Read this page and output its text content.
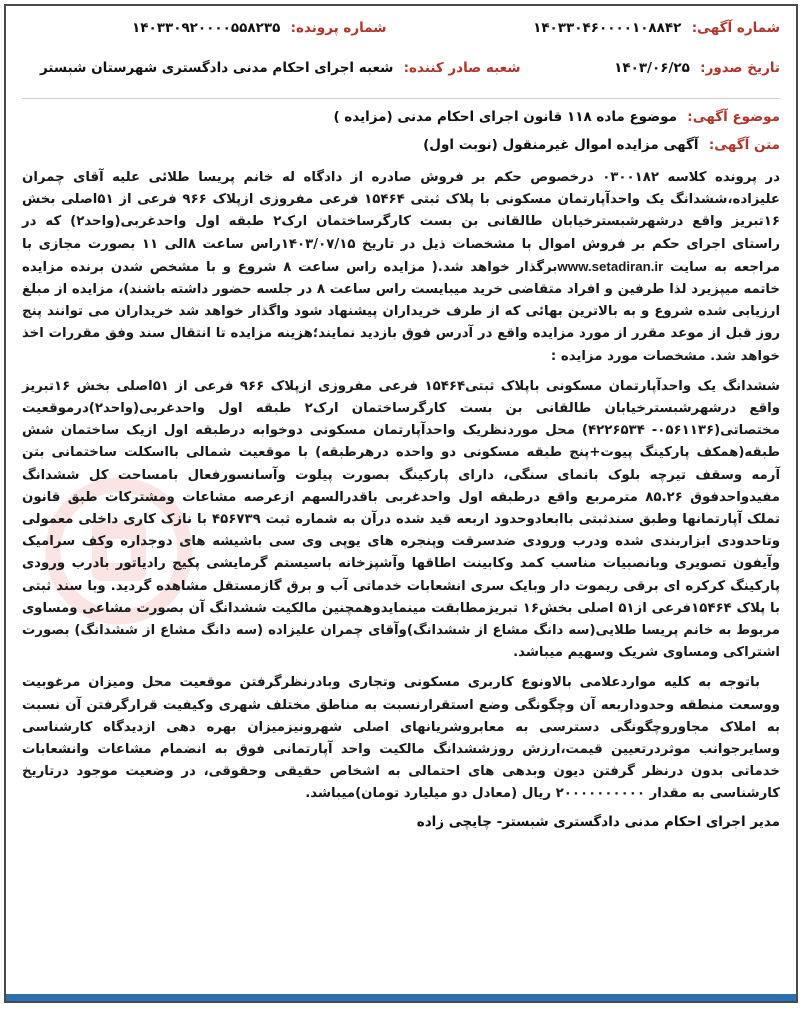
شماره آگهی: ۱۴۰۳۳۰۴۶۰۰۰۰۱۰۸۸۴۲
شماره پرونده: ۱۴۰۳۳۰۹۲۰۰۰۰۵۵۸۲۳۵
تاریخ صدور: ۱۴۰۳/۰۶/۲۵
شعبه صادر کننده: شعبه اجرای احکام مدنی دادگستری شهرستان شبستر
موضوع آگهی: موضوع ماده ۱۱۸ قانون اجرای احکام مدنی (مزایده )
متن آگهی: آگهی مزایده اموال غیرمنقول (نوبت اول)

در پرونده کلاسه ۰۳۰۰۱۸۲ درخصوص حکم بر فروش صادره از دادگاه له خانم پریسا طلائی علیه آقای چمران علیزاده،ششدانگ یک واحدآپارتمان مسکونی با پلاک ثبتی ۱۵۴۶۴ فرعی مفروزی ازپلاک ۹۶۶ فرعی از ۵۱اصلی بخش ۱۶تبریز واقع درشهرشبسترخیابان طالقانی بن بست کارگرساختمان ارک۲ طبقه اول واحدغربی(واحد۲) که در راستای اجرای حکم بر فروش اموال با مشخصات ذیل در تاریخ ۱۴۰۳/۰۷/۱۵راس ساعت ۸الی ۱۱ بصورت مجازی با مراجعه به سایت www.setadiran.irبرگذار خواهد شد.( مزایده راس ساعت ۸ شروع و با مشخص شدن برنده مزایده خاتمه میپزیرد لذا طرفین و افراد متقاضی خرید میبایست راس ساعت ۸ در جلسه حضور داشته باشند)، مزایده از مبلغ ارزیابی شده شروع و به بالاترین بهائی که از طرف خریداران پیشنهاد شود واگذار خواهد شد خریداران می توانند پنج روز قبل از موعد مقرر از مورد مزایده واقع در آدرس فوق بازدید نمایند؛هزینه مزایده تا انتقال سند وفق مقررات اخذ خواهد شد. مشخصات مورد مزایده :

ششدانگ یک واحدآپارتمان مسکونی باپلاک ثبتی۱۵۴۶۴ فرعی مفروزی ازپلاک ۹۶۶ فرعی از ۵۱اصلی بخش ۱۶تبریز واقع درشهرشبسترخیابان طالقانی بن بست کارگرساختمان ارک۲ طبقه اول واحدغربی(واحد۲)درموقعیت مختصاتی(۰۵۶۱۱۳۶- ۴۲۲۶۵۳۴) محل موردنظریک واحدآپارتمان مسکونی دوخوابه درطبقه اول ازیک ساختمان شش طبقه(همکف پارکینگ پیوت+پنج طبقه مسکونی دو واحده درهرطبقه) با موقعیت شمالی بااسکلت ساختمانی بتن آرمه وسقف تیرچه بلوک بانمای سنگی، دارای پارکینگ بصورت پیلوت وآسانسورفعال بامساحت کل ششدانگ مفیدواحدفوق ۸۵.۲۶ مترمربع واقع درطبقه اول واحدغربی باقدرالسهم ازعرصه مشاعات ومشترکات طبق قانون تملک آپارتمانها وطبق سندثبتی باابعادوحدود اربعه قید شده درآن به شماره ثبت ۴۵۶۷۳۹ با نازک کاری داخلی معمولی وتاحدودی ابزاربندی شده ودرب ورودی ضدسرقت وپنجره های یوپی وی سی باشیشه های دوجداره وکف سرامیک وآیفون تصویری وبانصبیات مناسب کمد وکابینت اطاقها وآشپزخانه باسیستم گرمایشی پکیج رادیاتور بادرب ورودی پارکینگ کرکره ای برقی ریموت دار وبایک سری انشعابات خدماتی آب و برق گازمستقل مشاهده گردید. وبا سند ثبتی با پلاک ۱۵۴۶۴فرعی از۵۱ اصلی بخش۱۶ تبریزمطابقت مینمایدوهمچنین مالکیت ششدانگ آن بصورت مشاعی ومساوی مربوط به خانم پریسا طلایی(سه دانگ مشاع از ششدانگ)وآقای چمران علیزاده (سه دانگ مشاع از ششدانگ) بصورت اشتراکی ومساوی شریک وسهیم میباشد.

باتوجه به کلیه مواردعلامی بالاونوع کاربری مسکونی وتجاری وبادرنظرگرفتن موقعیت محل ومیزان مرغوبیت ووسعت منطقه وحدوداربعه آن وچگونگی وضع استقرارنسبت به مناطق مختلف شهری وکیفیت قرارگرفتن آن نسبت به املاک مجاوروچگونگی دسترسی به معابروشریانهای اصلی شهرونیزمیزان بهره دهی ازدیدگاه کارشناسی وسایرجوانب موثردرتعیین قیمت،ارزش روزششدانگ مالکیت واحد آپارتمانی فوق به انضمام مشاعات وانشعابات خدماتی بدون درنظر گرفتن دیون وبدهی های احتمالی به اشخاص حقیقی وحقوقی، در وضعیت موجود درتاریخ کارشناسی به مقدار ۲۰۰۰۰۰۰۰۰۰۰ ریال (معادل دو میلیارد تومان)میباشد.

مدیر اجرای احکام مدنی دادگستری شبستر- چایچی زاده
